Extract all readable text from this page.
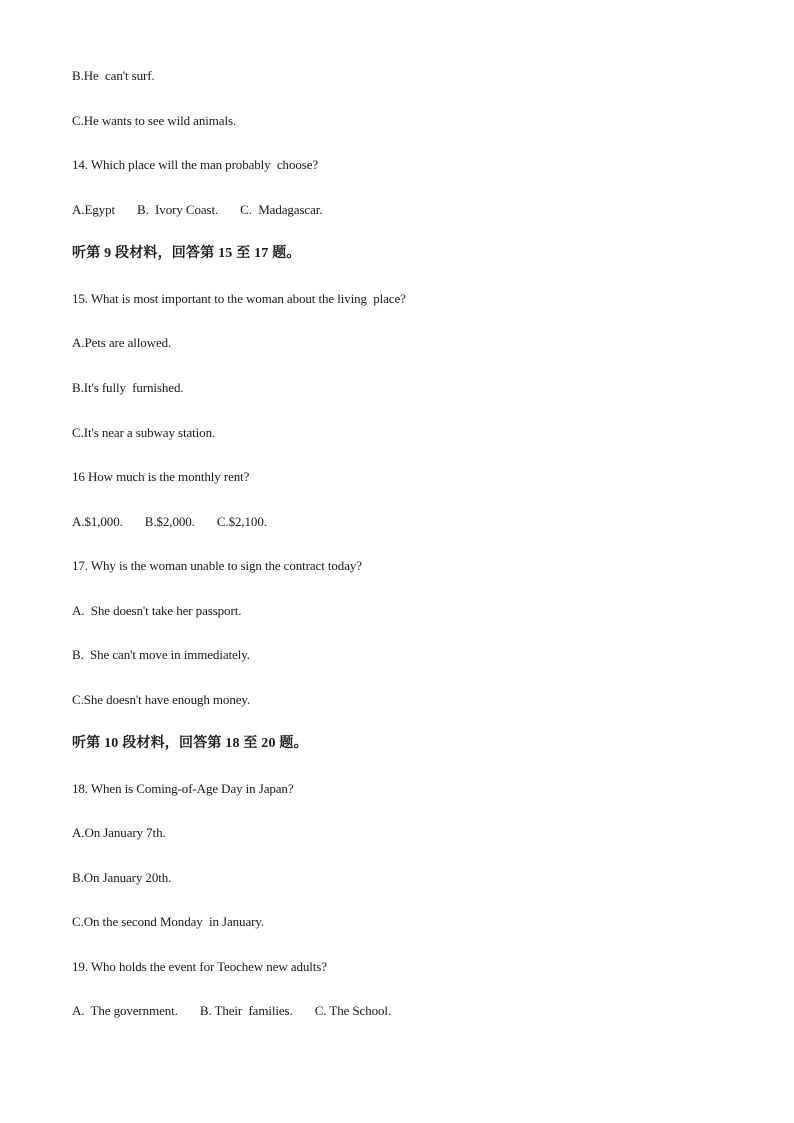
B.He  can't surf.
C.He wants to see wild animals.
14. Which place will the man probably  choose?
A.Egypt       B.  Ivory Coast.       C.  Madagascar.
听第 9 段材料，回答第 15 至 17 题。
15. What is most important to the woman about the living  place?
A.Pets are allowed.
B.It's fully  furnished.
C.It's near a subway station.
16 How much is the monthly rent?
A.$1,000.       B.$2,000.       C.$2,100.
17. Why is the woman unable to sign the contract today?
A.  She doesn't take her passport.
B.  She can't move in immediately.
C.She doesn't have enough money.
听第 10 段材料，回答第 18 至 20 题。
18. When is Coming-of-Age Day in Japan?
A.On January 7th.
B.On January 20th.
C.On the second Monday  in January.
19. Who holds the event for Teochew new adults?
A.  The government.       B. Their  families.       C. The School.
